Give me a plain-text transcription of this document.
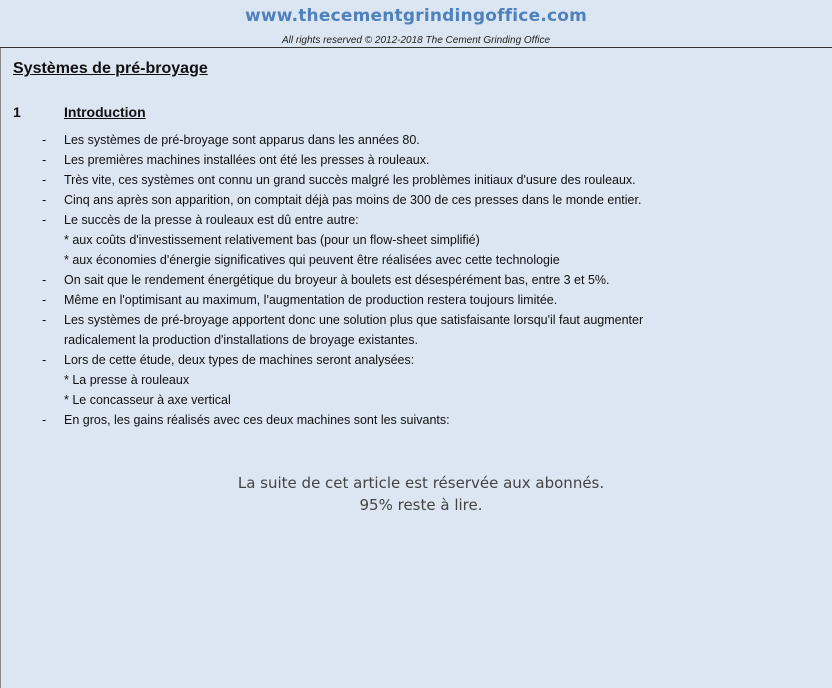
www.thecementgrindingoffice.com
All rights reserved © 2012-2018 The Cement Grinding Office
Systèmes de pré-broyage
1	Introduction
- Les systèmes de pré-broyage sont apparus dans les années 80.
- Les premières machines installées ont été les presses à rouleaux.
- Très vite, ces systèmes ont connu un grand succès malgré les problèmes initiaux d'usure des rouleaux.
- Cinq ans après son apparition, on comptait déjà pas moins de 300 de ces presses dans le monde entier.
- Le succès de la presse à rouleaux est dû entre autre:
* aux coûts d'investissement relativement bas (pour un flow-sheet simplifié)
* aux économies d'énergie significatives qui peuvent être réalisées avec cette technologie
- On sait que le rendement énergétique du broyeur à boulets est désespérément bas, entre 3 et 5%.
- Même en l'optimisant au maximum, l'augmentation de production restera toujours limitée.
- Les systèmes de pré-broyage apportent donc une solution plus que satisfaisante lorsqu'il faut augmenter
radicalement la production d'installations de broyage existantes.
- Lors de cette étude, deux types de machines seront analysées:
* La presse à rouleaux
* Le concasseur à axe vertical
- En gros, les gains réalisés avec ces deux machines sont les suivants:
La suite de cet article est réservée aux abonnés.
95% reste à lire.
